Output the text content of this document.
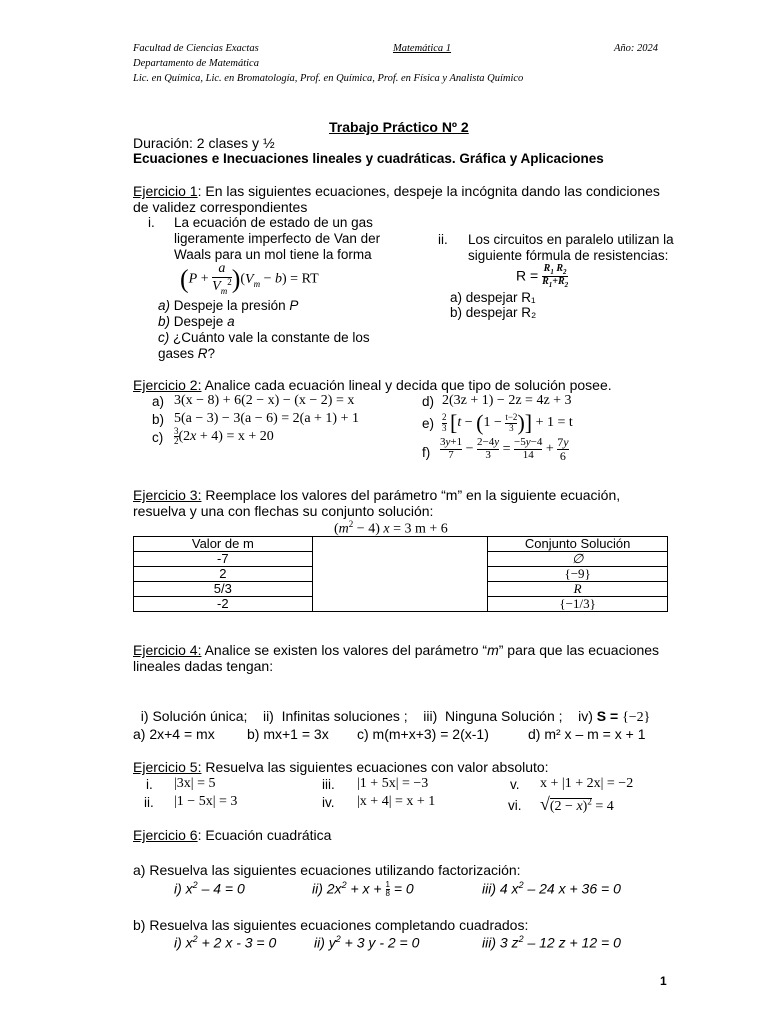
Facultad de Ciencias Exactas	Matemática 1	Año: 2024
Departamento de Matemática
Lic. en Química, Lic. en Bromatología, Prof. en Química, Prof. en Física y Analista Químico
Trabajo Práctico Nº 2
Duración: 2 clases y ½
Ecuaciones e Inecuaciones lineales y cuadráticas. Gráfica y Aplicaciones
Ejercicio 1: En las siguientes ecuaciones, despeje la incógnita dando las condiciones
de validez correspondientes
i. La ecuación de estado de un gas
ligeramente imperfecto de Van der
Waals para un mol tiene la forma
$(P + \frac{a}{V_m^2} )(V_m - b)$ = RT
a) Despeje la presión P
b) Despeje a
c) ¿Cuánto vale la constante de los
gases R?
ii. Los circuitos en paralelo utilizan la
siguiente fórmula de resistencias:
$R = \frac{R_1 R_2}{R_1+R_2}$
a) despejar R₁
b) despejar R₂
Ejercicio 2: Analice cada ecuación lineal y decida que tipo de solución posee.
a) 3(x − 8) + 6(2 − x) − (x − 2) = x
b) 5(a − 3) − 3(a − 6) = 2(a + 1) + 1
$c) \frac{3}{2} (2x + 4) = x + 20$
d) 2(3z + 1) − 2z = 4z + 3
$e) \frac{2}{3} [t - (1 - \frac{t-2}{3}$ )] + 1 = t
$f) \frac{3y+1}{7} - \frac{2-4y}{3} = \frac{-5y-4}{14} + \frac{7y}{6}$
Ejercicio 3: Reemplace los valores del parámetro “m” en la siguiente ecuación,
resuelva y una con flechas su conjunto solución:
$(m^2 - 4) x = 3$ m + 6
Valor de m		Conjunto Solución
-7		∅
2		{−9}
5/3		R
-2		{−1/3}
Ejercicio 4: Analice se existen los valores del parámetro “m” para que las ecuaciones
lineales dadas tengan:

i) Solución única;    ii)  Infinitas soluciones ;    iii)  Ninguna Solución ;    iv) S = {−2}

a) 2x+4 = mx b) mx+1 = 3x c) m(m+x+3) = 2(x-1)	d) m² x – m = x + 1
Ejercicio 5: Resuelva las siguientes ecuaciones con valor absoluto:
i. |3x| = 5
ii. |1 − 5x| = 3
iii. |1 + 5x| = −3
iv. |x + 4| = x + 1
v. x + |1 + 2x| = −2
vi. $√(2 - x)^2 = 4$
Ejercicio 6: Ecuación cuadrática
a) Resuelva las siguientes ecuaciones utilizando factorización:
i) $x^2 - 4 = 0$	ii) $2x^2 + x + \frac{1}{8} = 0$	iii) 4 $x^2 - 24$ x + 36 = 0
b) Resuelva las siguientes ecuaciones completando cuadrados:
i) $x^2 + 2$ x - 3 = 0	ii) $y^2 + 3$ y - 2 = 0	iii) 3 $z^2 - 12$ z + 12 = 0
1
